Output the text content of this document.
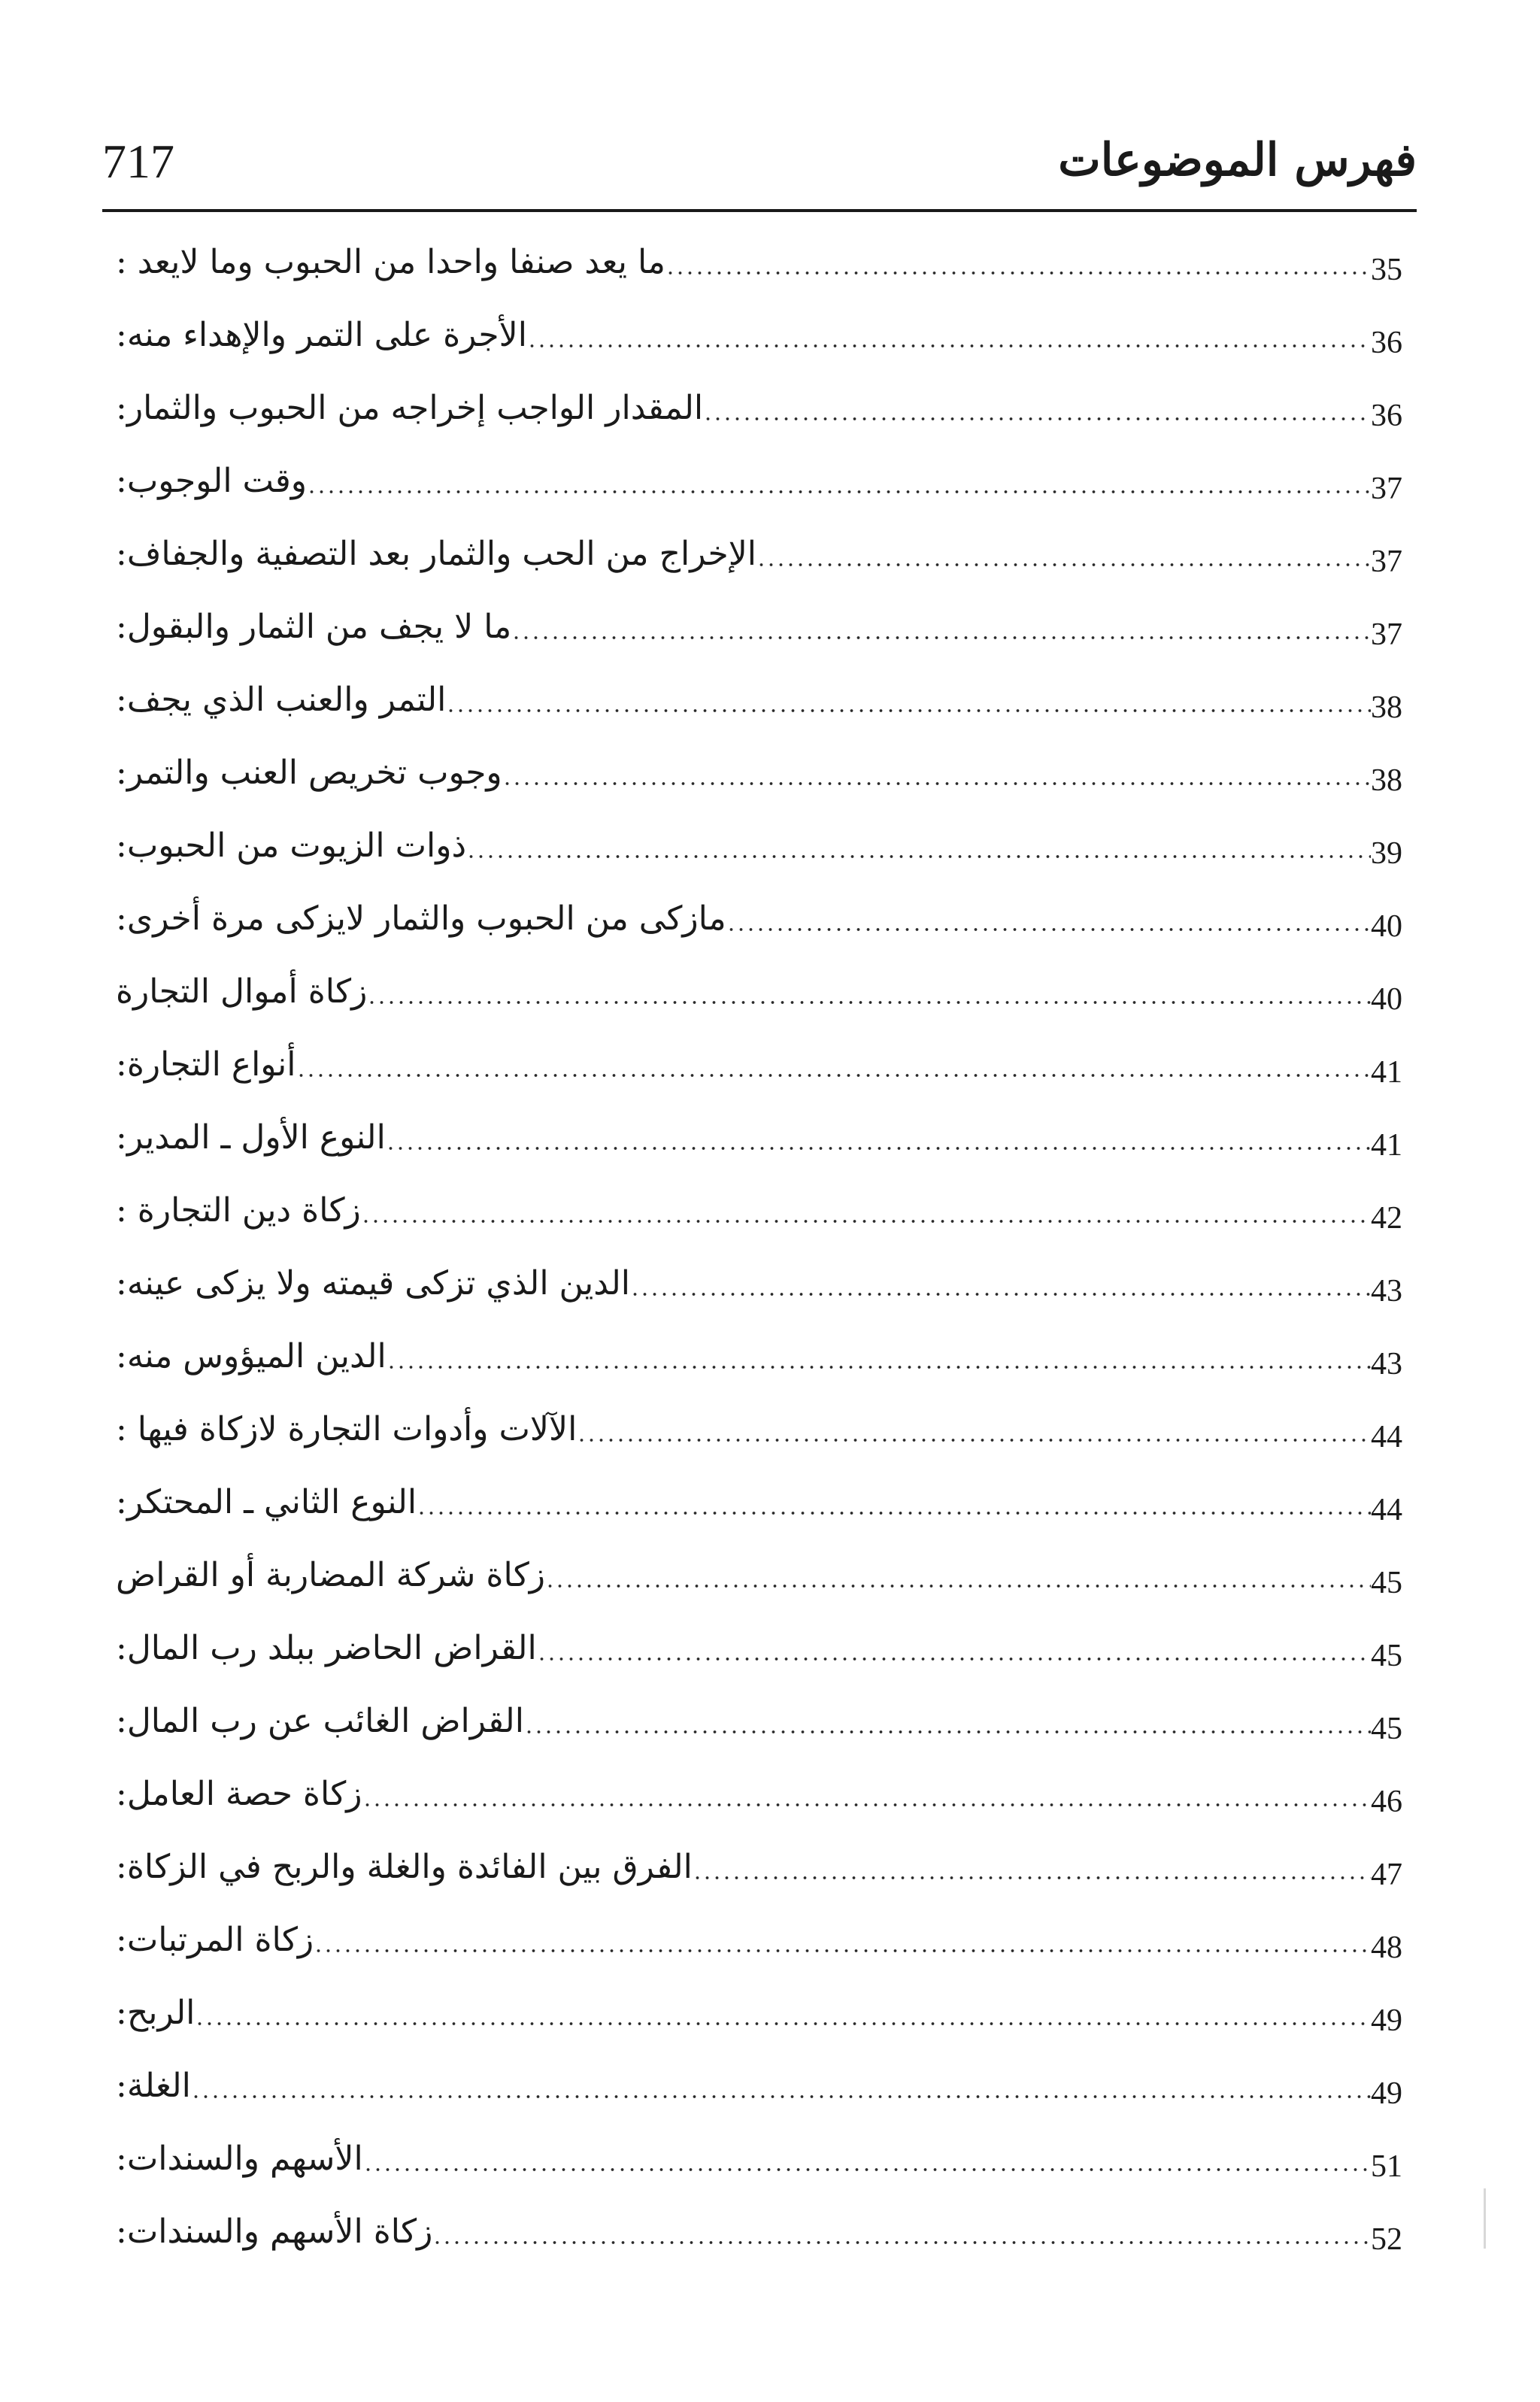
717	فهرس الموضوعات
ما يعد صنفا واحدا من الحبوب وما لايعد :	35
الأجرة على التمر والإهداء منه:	36
المقدار الواجب إخراجه من الحبوب والثمار:	36
وقت الوجوب:	37
الإخراج من الحب والثمار بعد التصفية والجفاف:	37
ما لا يجف من الثمار والبقول:	37
التمر والعنب الذي يجف:	38
وجوب تخريص العنب والتمر:	38
ذوات الزيوت من الحبوب:	39
مازكى من الحبوب والثمار لايزكى مرة أخرى:	40
زكاة أموال التجارة	40
أنواع التجارة:	41
النوع الأول ـ المدير:	41
زكاة دين التجارة :	42
الدين الذي تزكى قيمته ولا يزكى عينه:	43
الدين الميؤوس منه:	43
الآلات وأدوات التجارة لازكاة فيها :	44
النوع الثاني ـ المحتكر:	44
زكاة شركة المضاربة أو القراض	45
القراض الحاضر ببلد رب المال:	45
القراض الغائب عن رب المال:	45
زكاة حصة العامل:	46
الفرق بين الفائدة والغلة والربح في الزكاة:	47
زكاة المرتبات:	48
الربح:	49
الغلة:	49
الأسهم والسندات:	51
زكاة الأسهم والسندات:	52
